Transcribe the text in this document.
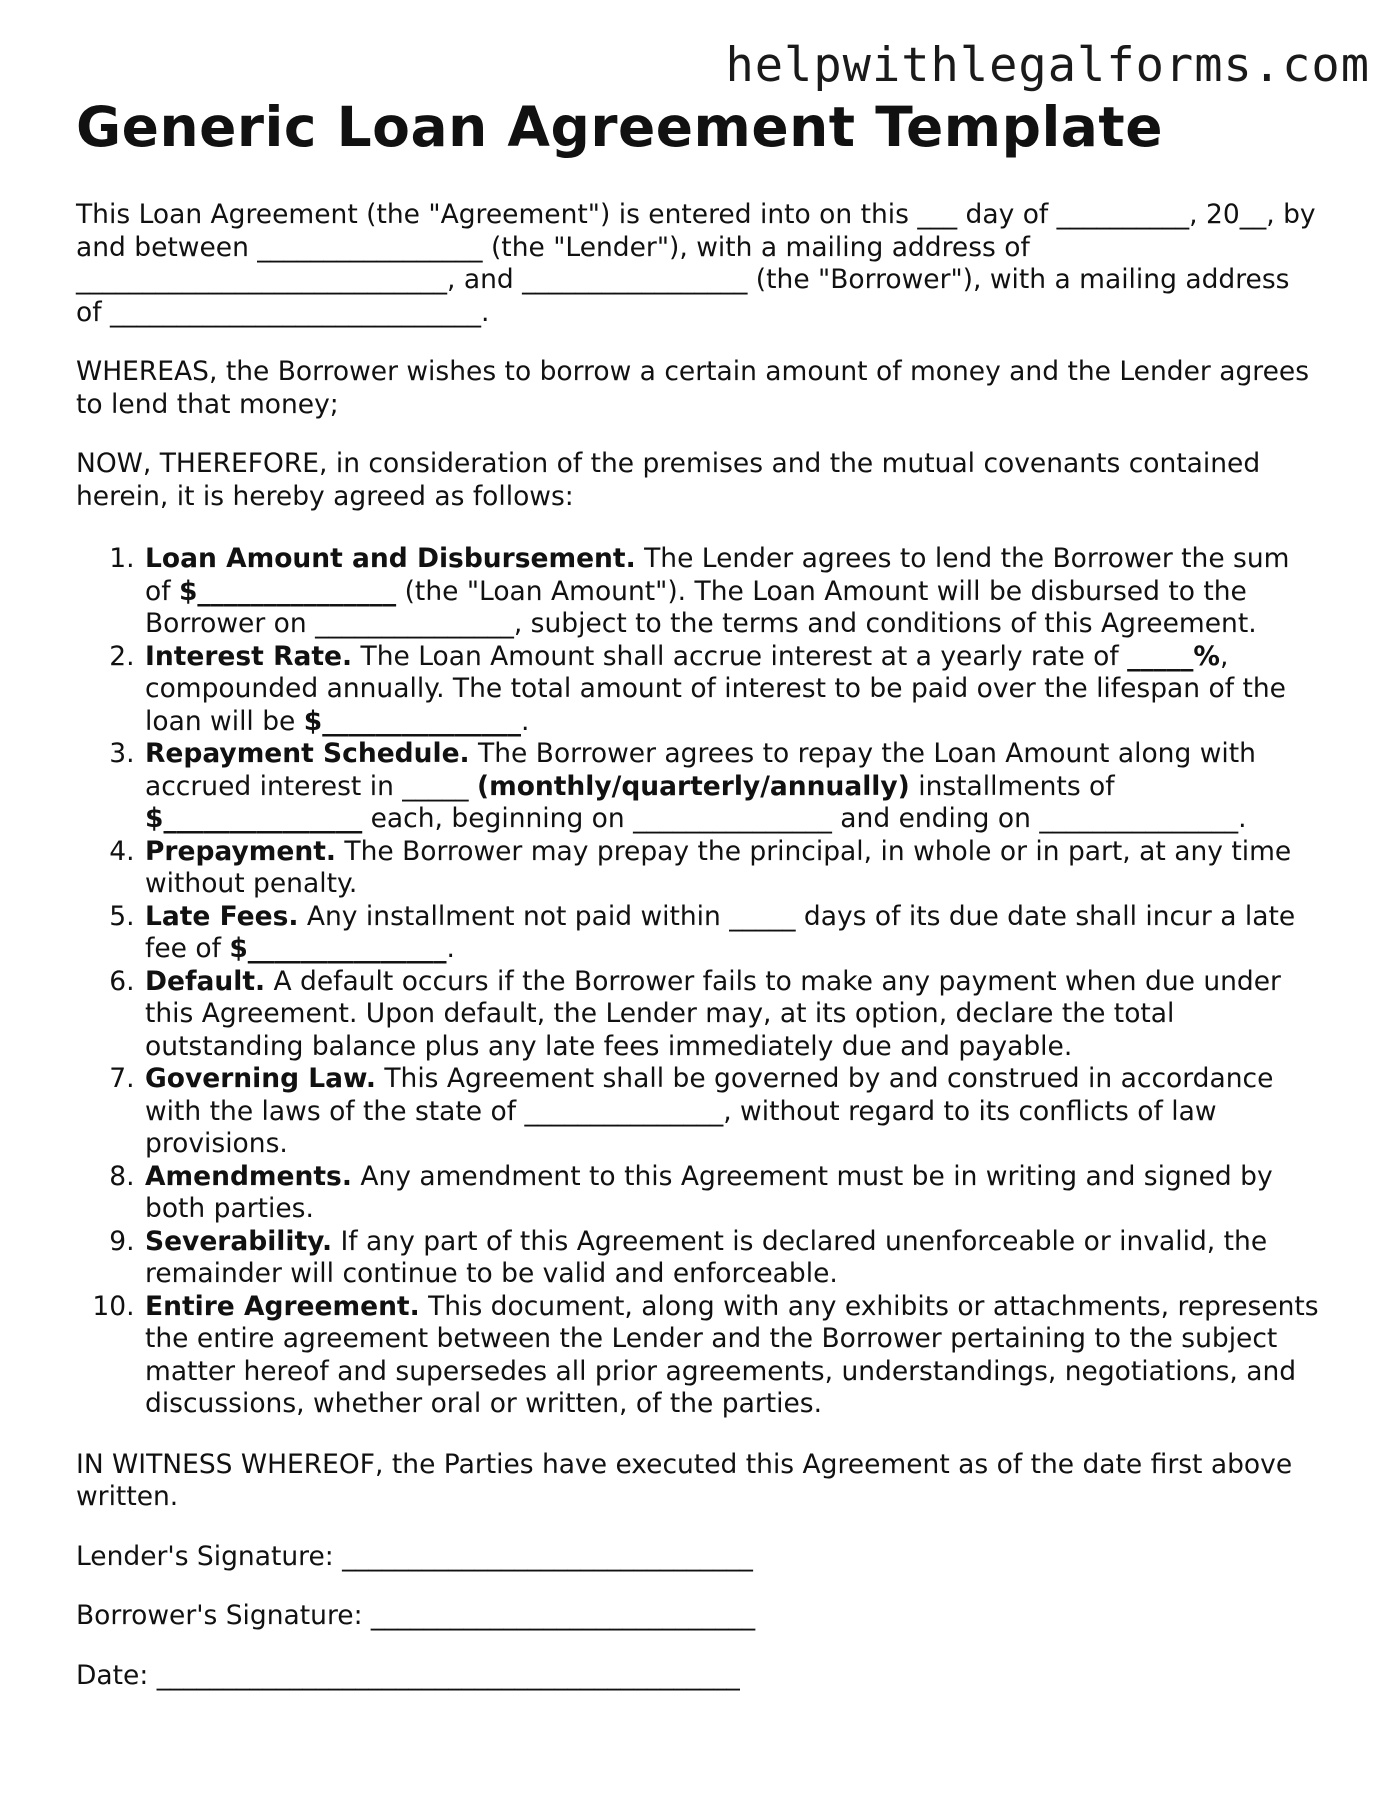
helpwithlegalforms.com
Generic Loan Agreement Template

This Loan Agreement (the "Agreement") is entered into on this ___ day of __________, 20__, by and between _________________ (the "Lender"), with a mailing address of ____________________________, and _________________ (the "Borrower"), with a mailing address of ____________________________.

WHEREAS, the Borrower wishes to borrow a certain amount of money and the Lender agrees to lend that money;

NOW, THEREFORE, in consideration of the premises and the mutual covenants contained herein, it is hereby agreed as follows:

1. Loan Amount and Disbursement. The Lender agrees to lend the Borrower the sum of $_______________ (the "Loan Amount"). The Loan Amount will be disbursed to the Borrower on _______________, subject to the terms and conditions of this Agreement.
2. Interest Rate. The Loan Amount shall accrue interest at a yearly rate of _____%, compounded annually. The total amount of interest to be paid over the lifespan of the loan will be $_______________.
3. Repayment Schedule. The Borrower agrees to repay the Loan Amount along with accrued interest in _____ (monthly/quarterly/annually) installments of $_______________ each, beginning on _______________ and ending on _______________.
4. Prepayment. The Borrower may prepay the principal, in whole or in part, at any time without penalty.
5. Late Fees. Any installment not paid within _____ days of its due date shall incur a late fee of $_______________.
6. Default. A default occurs if the Borrower fails to make any payment when due under this Agreement. Upon default, the Lender may, at its option, declare the total outstanding balance plus any late fees immediately due and payable.
7. Governing Law. This Agreement shall be governed by and construed in accordance with the laws of the state of _______________, without regard to its conflicts of law provisions.
8. Amendments. Any amendment to this Agreement must be in writing and signed by both parties.
9. Severability. If any part of this Agreement is declared unenforceable or invalid, the remainder will continue to be valid and enforceable.
10. Entire Agreement. This document, along with any exhibits or attachments, represents the entire agreement between the Lender and the Borrower pertaining to the subject matter hereof and supersedes all prior agreements, understandings, negotiations, and discussions, whether oral or written, of the parties.

IN WITNESS WHEREOF, the Parties have executed this Agreement as of the date first above written.

Lender's Signature: _______________________________

Borrower's Signature: _____________________________

Date: ____________________________________________
